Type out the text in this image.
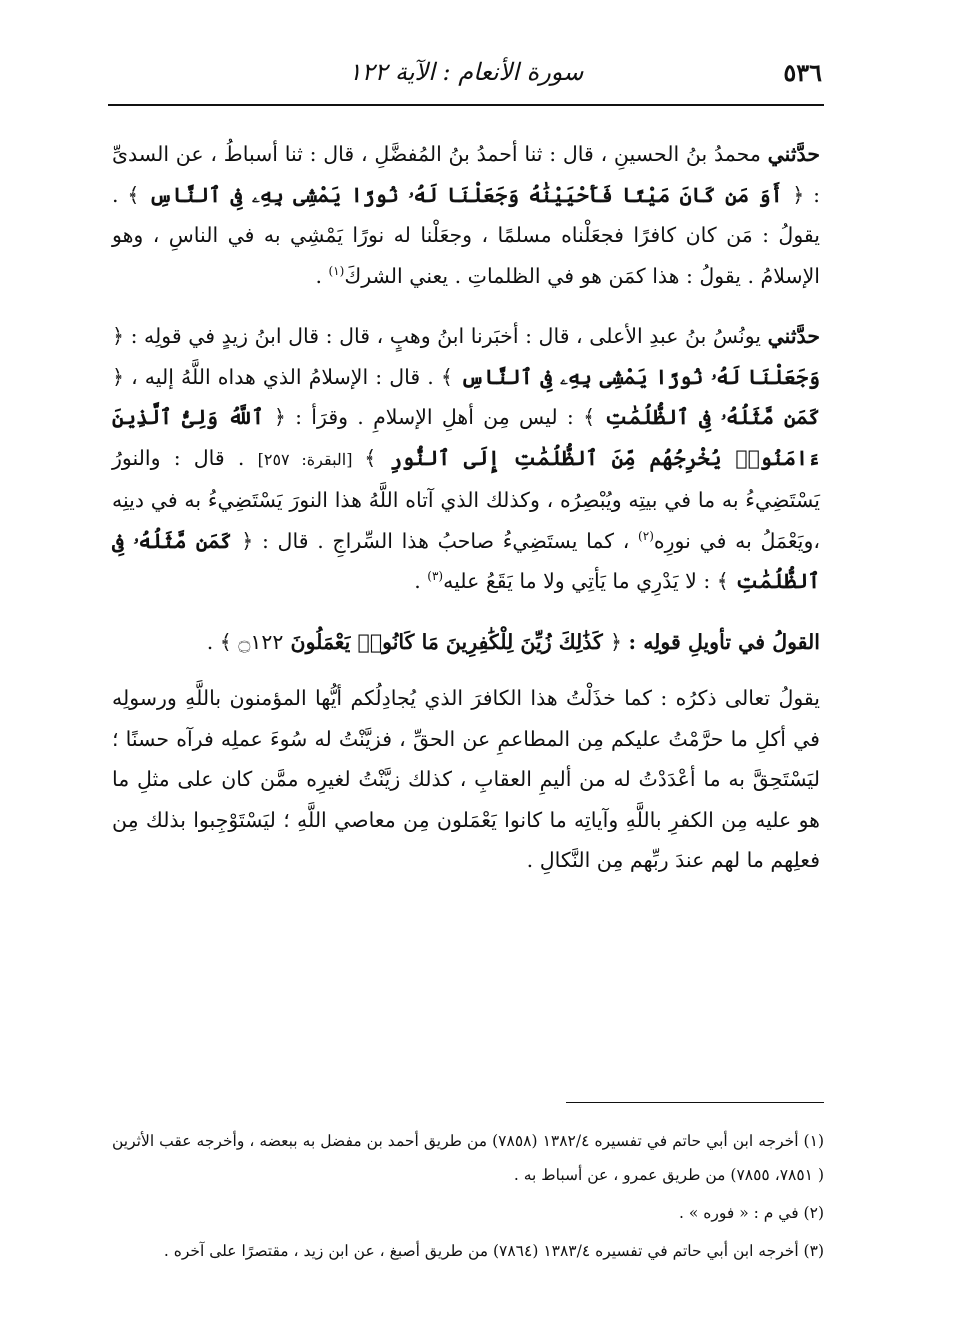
٥٣٦
سورة الأنعام : الآية ١٢٢

حدَّثني محمدُ بنُ الحسينِ ، قال : ثنا أحمدُ بنُ المُفضَّلِ ، قال : ثنا أسباطُ ، عن السدىِّ : ﴿ أَوَ مَن كَانَ مَيْتًا فَأَحْيَيْنَٰهُ وَجَعَلْنَا لَهُۥ نُورًا يَمْشِى بِهِۦ فِى ٱلنَّاسِ ﴾ . يقولُ : مَن كان كافرًا فجعَلْناه مسلمًا ، وجعَلْنا له نورًا يَمْشِي به في الناسِ ، وهو الإسلامُ . يقولُ : هذا كمَن هو في الظلماتِ . يعني الشركَ$^{(١)}$ .

حدَّثني يونُسُ بنُ عبدِ الأعلى ، قال : أخبَرنا ابنُ وهبٍ ، قال : قال ابنُ زيدٍ في قولِه : ﴿ وَجَعَلْنَا لَهُۥ نُورًا يَمْشِى بِهِۦ فِى ٱلنَّاسِ ﴾ . قال : الإسلامُ الذي هداه اللَّهُ إليه ، ﴿ كَمَن مَّثَلُهُۥ فِى ٱلظُّلُمَٰتِ ﴾ : ليس مِن أهلِ الإسلامِ . وقرَأ : ﴿ ٱللَّهُ وَلِىُّ ٱلَّذِينَ ءَامَنُوا۟ يُخْرِجُهُم مِّنَ ٱلظُّلُمَٰتِ إِلَى ٱلنُّورِ ﴾ [البقرة: ٢٥٧] . قال : والنورُ يَسْتَضِيءُ به ما في بيتِه ويُبْصِرُه ، وكذلك الذي آتاه اللَّهُ هذا النورَ يَسْتَضِيءُ به في دينِه ،ويَعْمَلُ به في نورِه$^{(٢)}$ ، كما يستَضِيءُ صاحبُ هذا السِّراجِ . قال : ﴿ كَمَن مَّثَلُهُۥ فِى ٱلظُّلُمَٰتِ ﴾ : لا يَدْرِي ما يَأتِي ولا ما يَقَعُ عليه$^{(٣)}$ .

القولُ في تأويلِ قولِه : ﴿ كَذَٰلِكَ زُيِّنَ لِلْكَٰفِرِينَ مَا كَانُوا۟ يَعْمَلُونَ ۝١٢٢ ﴾ .

يقولُ تعالى ذكرُه : كما خذَلْتُ هذا الكافرَ الذي يُجادِلُكم أيُّها المؤمنون باللَّهِ ورسولِه في أكلِ ما حرَّمْتُ عليكم مِن المطاعمِ عن الحقِّ ، فزيَّنْتُ له سُوءَ عملِه فرآه حسنًا ؛ ليَسْتَحِقَّ به ما أعْدَدْتُ له من أليمِ العقابِ ، كذلك زيَّنْتُ لغيرِه ممَّن كان على مثلِ ما هو عليه مِن الكفرِ باللَّهِ وآياتِه ما كانوا يَعْمَلون مِن معاصي اللَّهِ ؛ ليَسْتَوْجِبوا بذلك مِن فعلِهم ما لهم عندَ ربِّهم مِن النَّكالِ .

(١) أخرجه ابن أبي حاتم في تفسيره ١٣٨٢/٤ (٧٨٥٨) من طريق أحمد بن مفضل به ببعضه ، وأخرجه عقب الأثرين ( ٧٨٥١، ٧٨٥٥) من طريق عمرو ، عن أسباط به .

(٢) في م : « فوره » .

(٣) أخرجه ابن أبي حاتم في تفسيره ١٣٨٣/٤ (٧٨٦٤) من طريق أصبغ ، عن ابن زيد ، مقتصرًا على آخره .
